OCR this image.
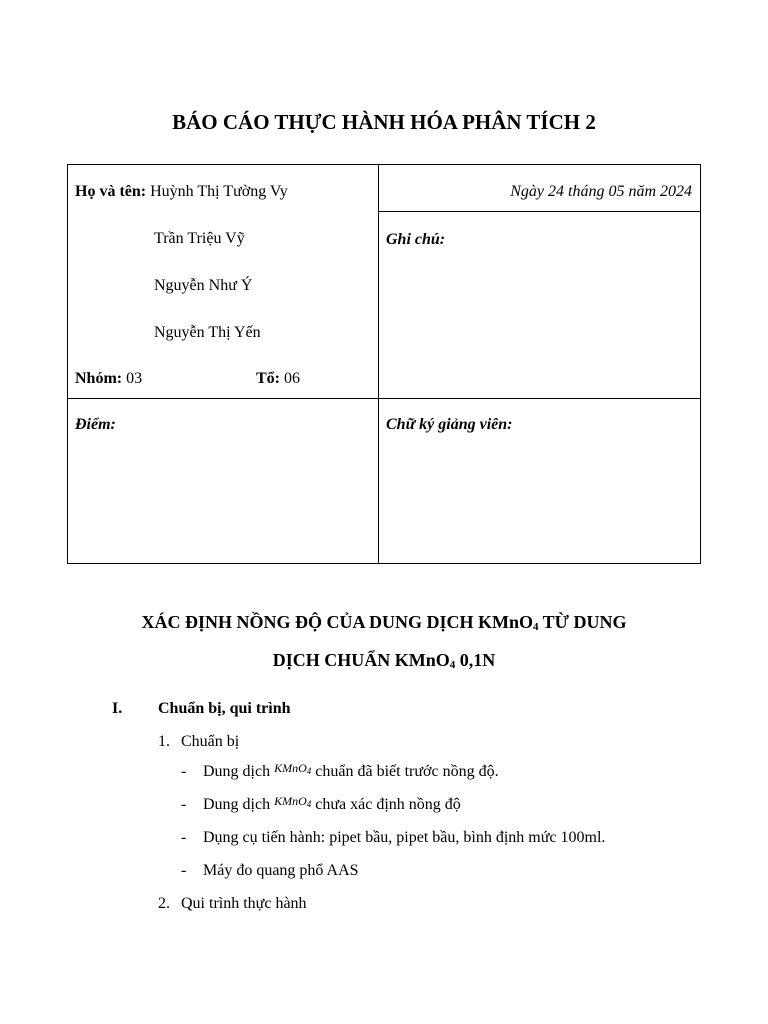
BÁO CÁO THỰC HÀNH HÓA PHÂN TÍCH 2
Họ và tên: Huỳnh Thị Tường Vy
Trần Triệu Vỹ
Nguyễn Như Ý
Nguyễn Thị Yến
Nhóm: 03	Tổ: 06
Ngày 24 tháng 05 năm 2024
Ghi chú:
Điểm:	Chữ ký giảng viên:
XÁC ĐỊNH NỒNG ĐỘ CỦA DUNG DỊCH KMnO$_4$ TỪ DUNG
DỊCH CHUẨN KMnO$_4$ 0,1N
I. Chuẩn bị, qui trình
1. Chuẩn bị
- Dung dịch $^{KMnO_4}$ chuẩn đã biết trước nồng độ.
- Dung dịch $^{KMnO_4}$ chưa xác định nồng độ
- Dụng cụ tiến hành: pipet bầu, pipet bầu, bình định mức 100ml.
- Máy đo quang phổ AAS
2. Qui trình thực hành
